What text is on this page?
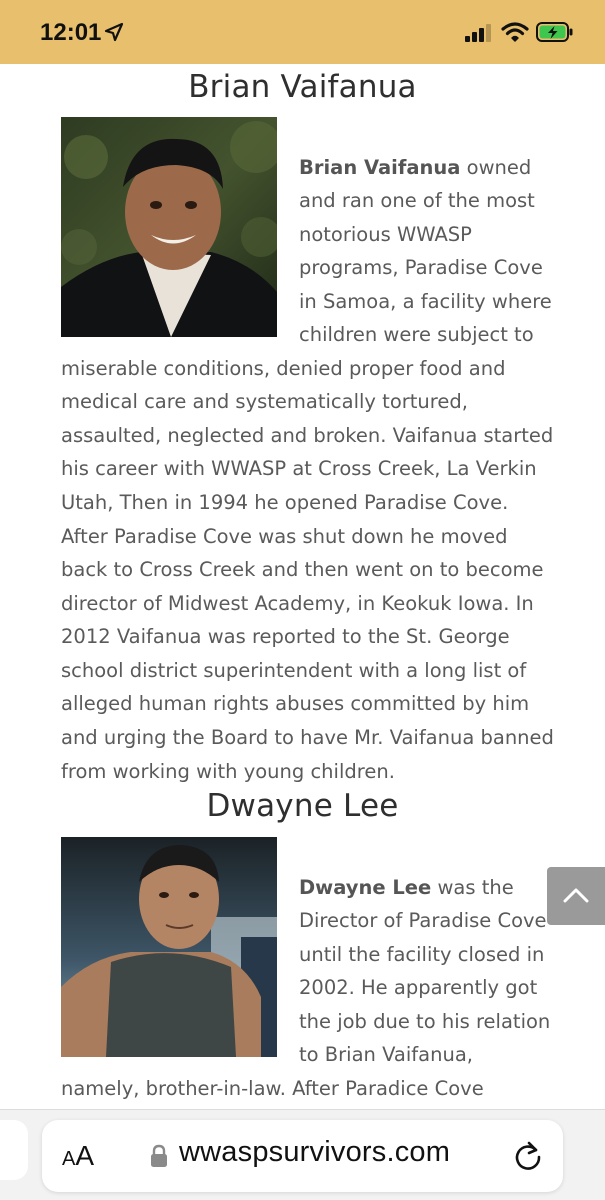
12:01
Brian Vaifanua
Brian Vaifanua owned
and ran one of the most
notorious WWASP
programs, Paradise Cove
in Samoa, a facility where
children were subject to
miserable conditions, denied proper food and
medical care and systematically tortured,
assaulted, neglected and broken. Vaifanua started
his career with WWASP at Cross Creek, La Verkin
Utah, Then in 1994 he opened Paradise Cove.
After Paradise Cove was shut down he moved
back to Cross Creek and then went on to become
director of Midwest Academy, in Keokuk Iowa. In
2012 Vaifanua was reported to the St. George
school district superintendent with a long list of
alleged human rights abuses committed by him
and urging the Board to have Mr. Vaifanua banned
from working with young children.
Dwayne Lee
Dwayne Lee was the
Director of Paradise Cove
until the facility closed in
2002. He apparently got
the job due to his relation
to Brian Vaifanua,
namely, brother-in-law. After Paradice Cove
AA	wwaspsurvivors.com
